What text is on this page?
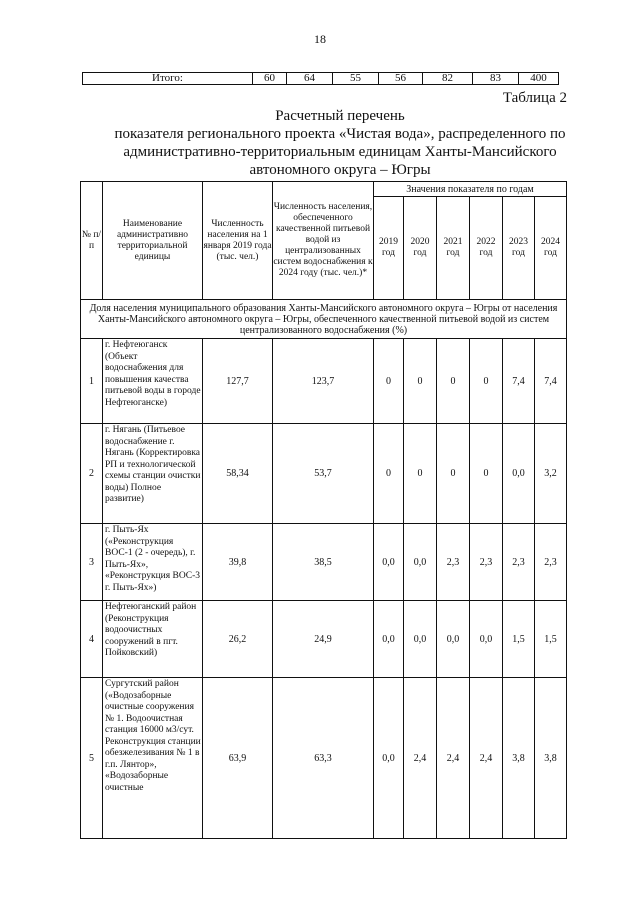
18
Итого:	60	64	55	56	82	83	400
Таблица 2
Расчетный перечень
показателя регионального проекта «Чистая вода», распределенного по
административно-территориальным единицам Ханты-Мансийского
автономного округа – Югры
№ п/п	Наименование административно территориальной единицы	Численность населения на 1 января 2019 года (тыс. чел.)	Численность населения, обеспеченного качественной питьевой водой из централизованных систем водоснабжения к 2024 году (тыс. чел.)*	Значения показателя по годам					
				2019 год	2020 год	2021 год	2022 год	2023 год	2024 год
Доля населения муниципального образования Ханты-Мансийского автономного округа – Югры от населения Ханты-Мансийского автономного округа – Югры, обеспеченного качественной питьевой водой из систем централизованного водоснабжения (%)									
1	г. Нефтеюганск (Объект водоснабжения для повышения качества питьевой воды в городе Нефтеюганске)	127,7	123,7	0	0	0	0	7,4	7,4
2	г. Нягань (Питьевое водоснабжение г. Нягань (Корректировка РП и технологической схемы станции очистки воды) Полное развитие)	58,34	53,7	0	0	0	0	0,0	3,2
3	г. Пыть-Ях («Реконструкция ВОС-1 (2 - очередь), г. Пыть-Ях», «Реконструкция ВОС-3 г. Пыть-Ях»)	39,8	38,5	0,0	0,0	2,3	2,3	2,3	2,3
4	Нефтеюганский район (Реконструкция водоочистных сооружений в пгт. Пойковский)	26,2	24,9	0,0	0,0	0,0	0,0	1,5	1,5
5	Сургутский район («Водозаборные очистные сооружения № 1. Водоочистная станция 16000 м3/сут. Реконструкция станции обезжелезивания № 1 в г.п. Лянтор», «Водозаборные очистные	63,9	63,3	0,0	2,4	2,4	2,4	3,8	3,8
